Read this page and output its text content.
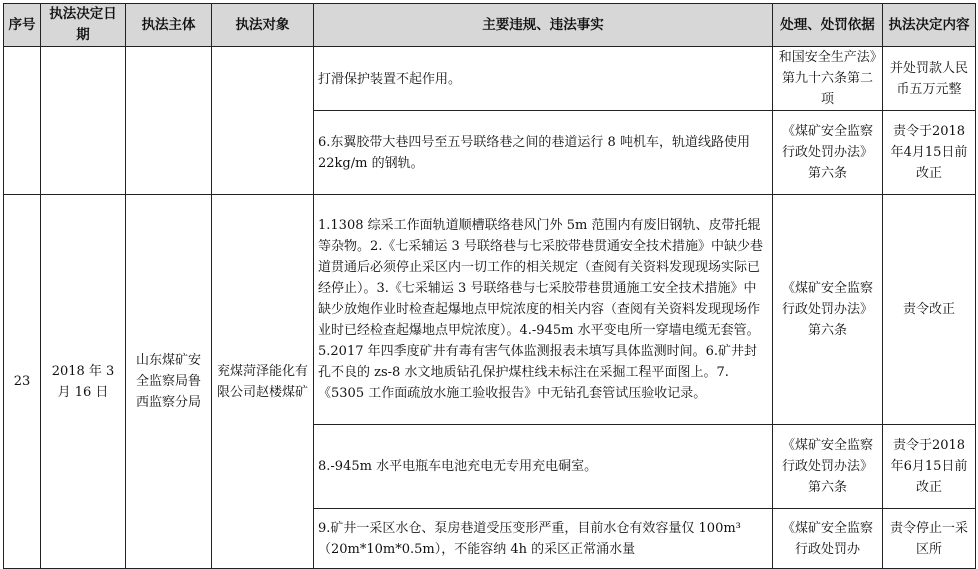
序号	执法决定日期	执法主体	执法对象	主要违规、违法事实	处理、处罚依据	执法决定内容
				打滑保护装置不起作用。	和国安全生产法》第九十六条第二项	并处罚款人民币五万元整
				6.东翼胶带大巷四号至五号联络巷之间的巷道运行 8 吨机车，轨道线路使用 22kg/m 的钢轨。	《煤矿安全监察行政处罚办法》第六条	责令于2018年4月15日前改正
23	2018 年 3 月 16 日	山东煤矿安全监察局鲁西监察分局	兖煤菏泽能化有限公司赵楼煤矿	1.1308 综采工作面轨道顺槽联络巷风门外 5m 范围内有废旧钢轨、皮带托辊等杂物。2.《七采辅运 3 号联络巷与七采胶带巷贯通安全技术措施》中缺少巷道贯通后必须停止采区内一切工作的相关规定（查阅有关资料发现现场实际已经停止）。3.《七采辅运 3 号联络巷与七采胶带巷贯通施工安全技术措施》中缺少放炮作业时检查起爆地点甲烷浓度的相关内容（查阅有关资料发现现场作业时已经检查起爆地点甲烷浓度）。4.-945m 水平变电所一穿墙电缆无套管。5.2017 年四季度矿井有毒有害气体监测报表未填写具体监测时间。6.矿井封孔不良的 zs-8 水文地质钻孔保护煤柱线未标注在采掘工程平面图上。7.《5305 工作面疏放水施工验收报告》中无钻孔套管试压验收记录。	《煤矿安全监察行政处罚办法》第六条	责令改正
				8.-945m 水平电瓶车电池充电无专用充电硐室。	《煤矿安全监察行政处罚办法》第六条	责令于2018年6月15日前改正
				9.矿井一采区水仓、泵房巷道受压变形严重，目前水仓有效容量仅 100m³（20m*10m*0.5m），不能容纳 4h 的采区正常涌水量	《煤矿安全监察行政处罚办	责令停止一采区所
